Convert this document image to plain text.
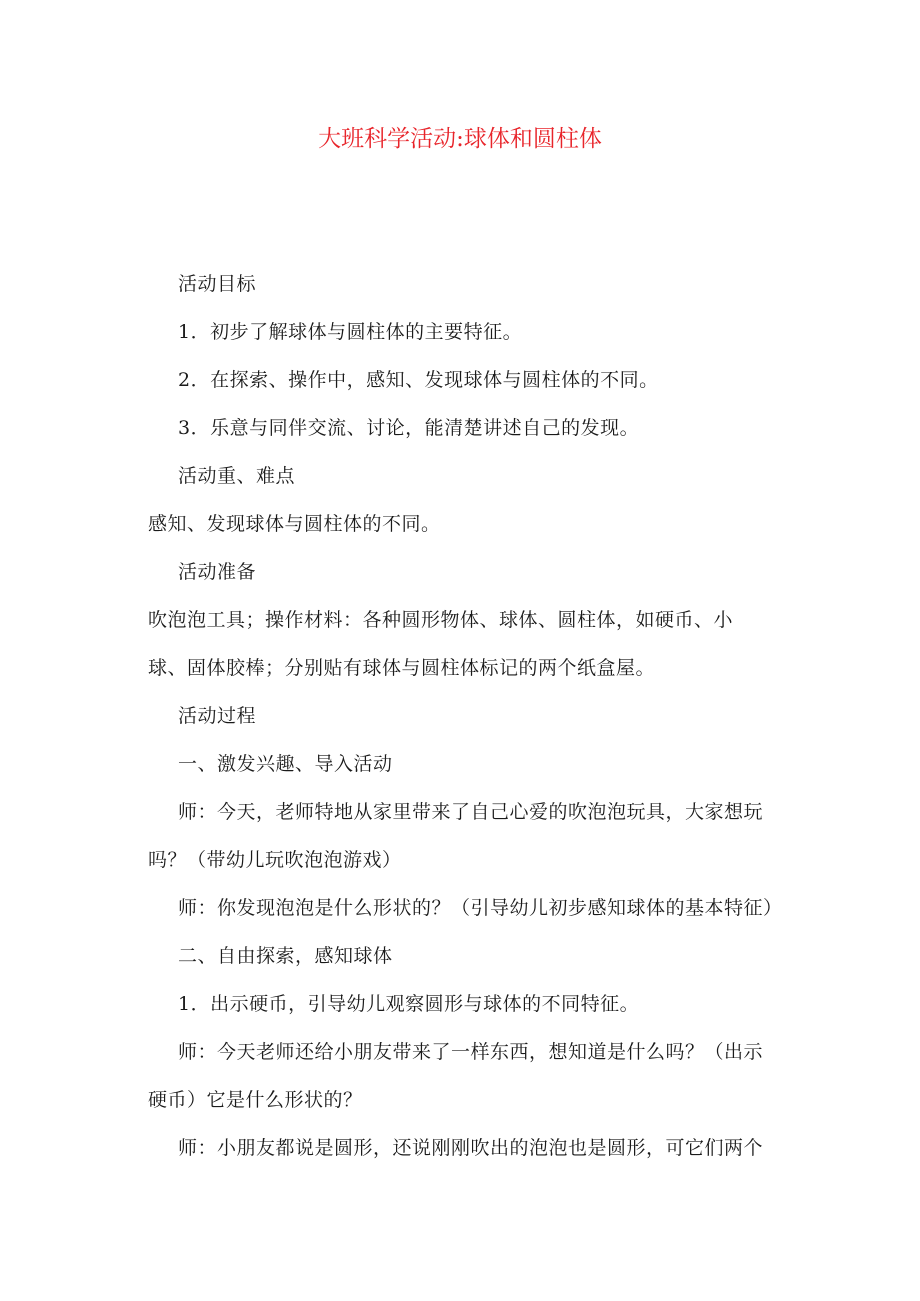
大班科学活动:球体和圆柱体

活动目标

1．初步了解球体与圆柱体的主要特征。

2．在探索、操作中，感知、发现球体与圆柱体的不同。

3．乐意与同伴交流、讨论，能清楚讲述自己的发现。

活动重、难点

感知、发现球体与圆柱体的不同。

活动准备

吹泡泡工具；操作材料：各种圆形物体、球体、圆柱体，如硬币、小
球、固体胶棒；分别贴有球体与圆柱体标记的两个纸盒屋。

活动过程

一、激发兴趣、导入活动

师：今天，老师特地从家里带来了自己心爱的吹泡泡玩具，大家想玩

吗？（带幼儿玩吹泡泡游戏）

师：你发现泡泡是什么形状的？（引导幼儿初步感知球体的基本特征）

二、自由探索，感知球体

1．出示硬币，引导幼儿观察圆形与球体的不同特征。

师：今天老师还给小朋友带来了一样东西，想知道是什么吗？（出示

硬币）它是什么形状的？

师：小朋友都说是圆形，还说刚刚吹出的泡泡也是圆形，可它们两个
